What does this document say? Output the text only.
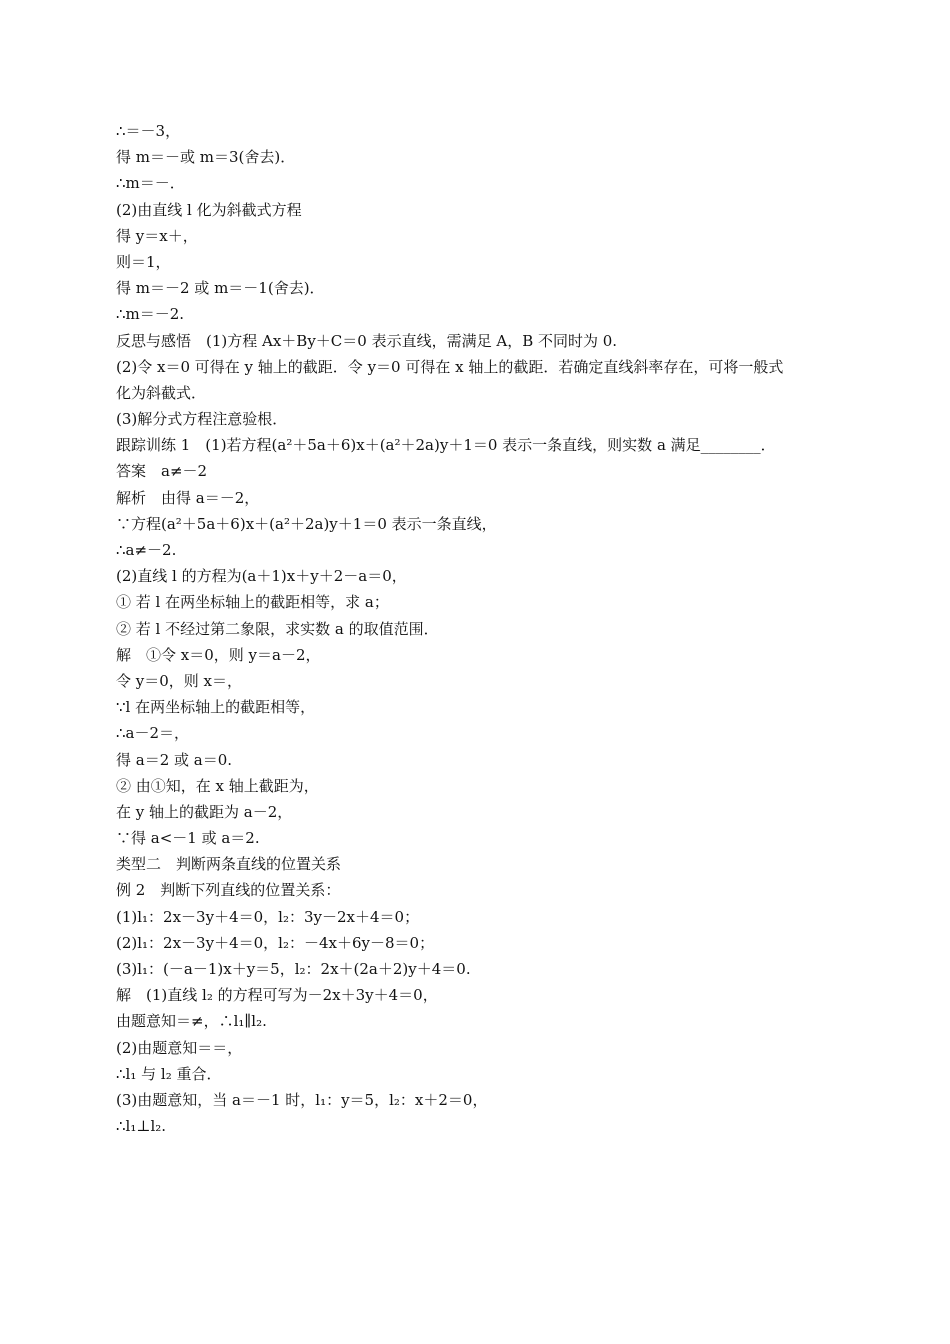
∴＝－3，
得 m＝－或 m＝3(舍去)．
∴m＝－．
(2)由直线 l 化为斜截式方程
得 y＝x＋，
则＝1，
得 m＝－2 或 m＝－1(舍去)．
∴m＝－2.
反思与感悟　(1)方程 Ax＋By＋C＝0 表示直线，需满足 A，B 不同时为 0.
(2)令 x＝0 可得在 y 轴上的截距．令 y＝0 可得在 x 轴上的截距．若确定直线斜率存在，可将一般式
化为斜截式．
(3)解分式方程注意验根．
跟踪训练 1　(1)若方程(a²＋5a＋6)x＋(a²＋2a)y＋1＝0 表示一条直线，则实数 a 满足________．
答案　a≠－2
解析　由得 a＝－2，
∵方程(a²＋5a＋6)x＋(a²＋2a)y＋1＝0 表示一条直线，
∴a≠－2.
(2)直线 l 的方程为(a＋1)x＋y＋2－a＝0，
① 若 l 在两坐标轴上的截距相等，求 a；
② 若 l 不经过第二象限，求实数 a 的取值范围．
解　①令 x＝0，则 y＝a－2，
令 y＝0，则 x＝，
∵l 在两坐标轴上的截距相等，
∴a－2＝，
得 a＝2 或 a＝0.
② 由①知，在 x 轴上截距为，
在 y 轴上的截距为 a－2，
∵得 a<－1 或 a＝2.
类型二　判断两条直线的位置关系
例 2　判断下列直线的位置关系：
(1)l₁：2x－3y＋4＝0，l₂：3y－2x＋4＝0；
(2)l₁：2x－3y＋4＝0，l₂：－4x＋6y－8＝0；
(3)l₁：(－a－1)x＋y＝5，l₂：2x＋(2a＋2)y＋4＝0.
解　(1)直线 l₂ 的方程可写为－2x＋3y＋4＝0，
由题意知＝≠，∴l₁∥l₂.
(2)由题意知＝＝，
∴l₁ 与 l₂ 重合．
(3)由题意知，当 a＝－1 时，l₁：y＝5，l₂：x＋2＝0，
∴l₁⊥l₂.
